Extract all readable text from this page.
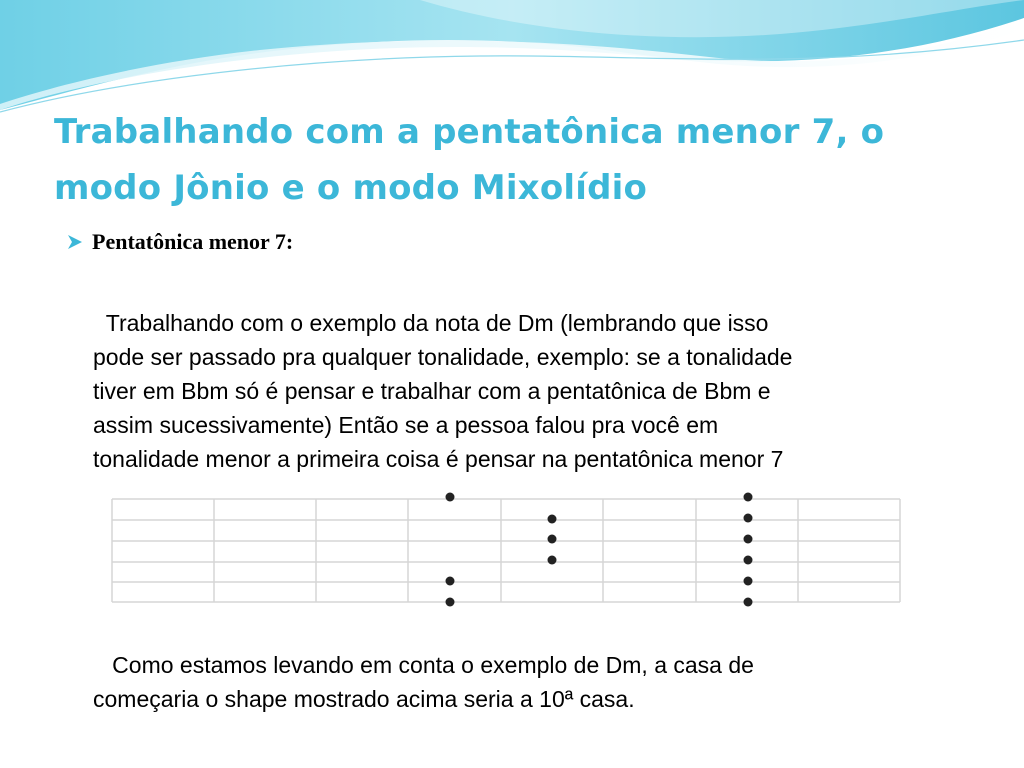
Trabalhando com a pentatônica menor 7, o
modo Jônio e o modo Mixolídio
Pentatônica menor 7:

Trabalhando com o exemplo da nota de Dm (lembrando que isso
pode ser passado pra qualquer tonalidade, exemplo: se a tonalidade
tiver em Bbm só é pensar e trabalhar com a pentatônica de Bbm e
assim sucessivamente) Então se a pessoa falou pra você em
tonalidade menor a primeira coisa é pensar na pentatônica menor 7

Como estamos levando em conta o exemplo de Dm, a casa de
começaria o shape mostrado acima seria a 10ª casa.
